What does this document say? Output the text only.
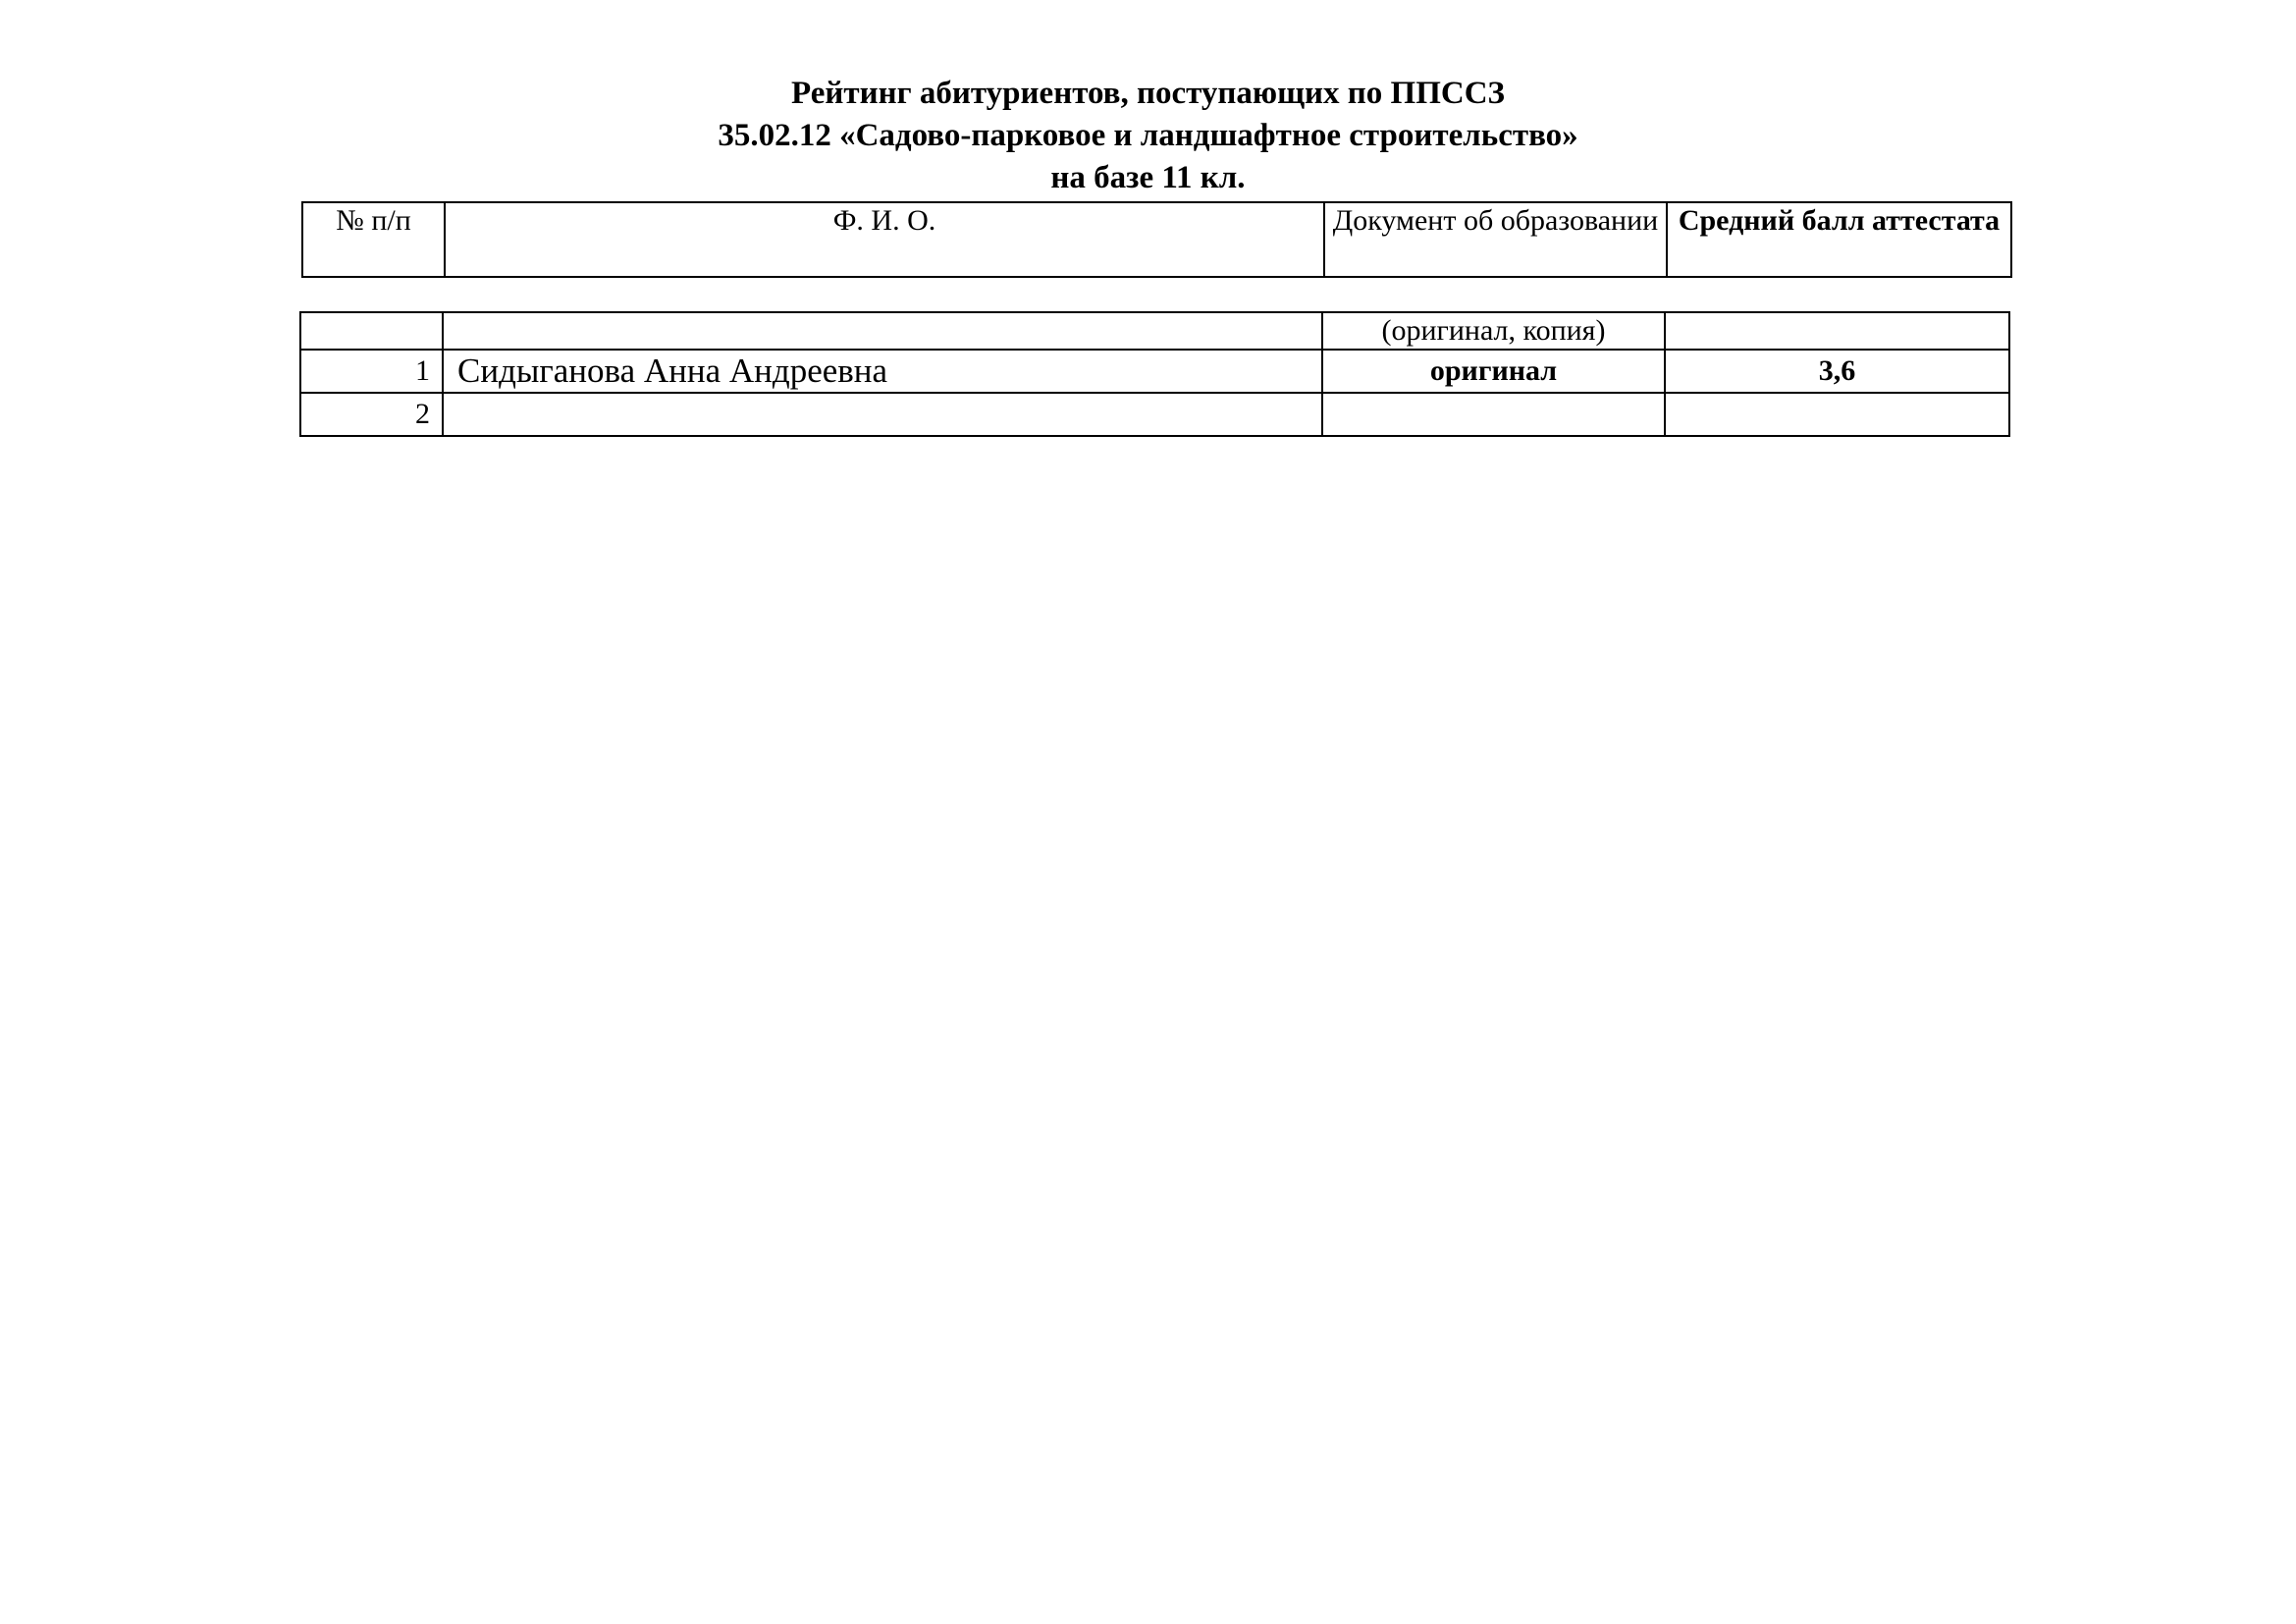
Рейтинг абитуриентов, поступающих по ППССЗ
35.02.12 «Садово-парковое и ландшафтное строительство»
на базе 11 кл.
№ п/п	Ф. И. О.	Документ об образовании	Средний балл аттестата
		(оригинал, копия)	
1	Сидыганова Анна Андреевна	оригинал	3,6
2			
